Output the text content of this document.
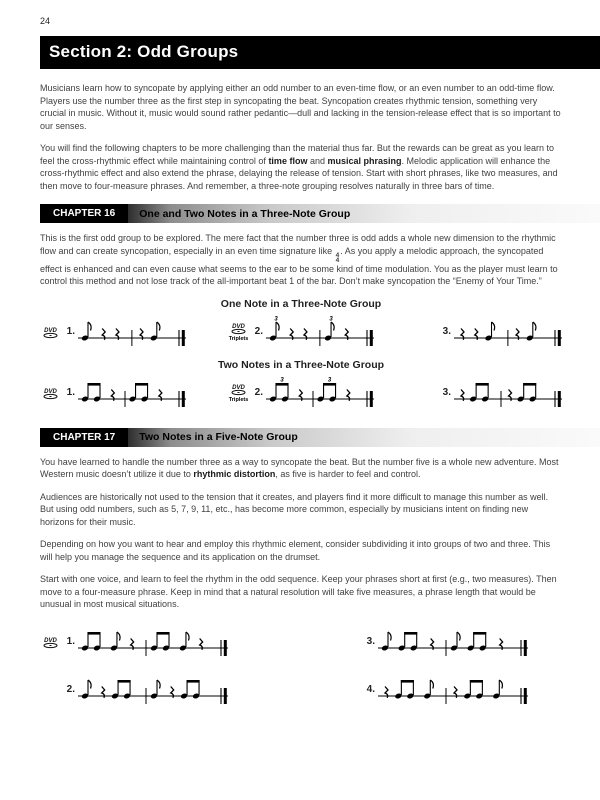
24
Section 2: Odd Groups

Musicians learn how to syncopate by applying either an odd number to an even-time flow, or an even number to an odd-time flow. Players use the number three as the first step in syncopating the beat. Syncopation creates rhythmic tension, something very crucial in music. Without it, music would sound rather pedantic—dull and lacking in the tension-release effect that is so important to our senses.

You will find the following chapters to be more challenging than the material thus far. But the rewards can be great as you learn to feel the cross-rhythmic effect while maintaining control of time flow and musical phrasing. Melodic application will enhance the cross-rhythmic effect and also extend the phrase, delaying the release of tension. Start with short phrases, like two measures, and then move to four-measure phrases. And remember, a three-note grouping resolves naturally in three bars of time.

CHAPTER 16	One and Two Notes in a Three-Note Group

This is the first odd group to be explored. The mere fact that the number three is odd adds a whole new dimension to the rhythmic flow and can create syncopation, especially in an even time signature like 4
4
. As you apply a melodic approach, the syncopated effect is enhanced and can even cause what seems to the ear to be some kind of time modulation. You as the player must learn to control this method and not lose track of the all-important beat 1 of the bar. Don’t make syncopation the “Enemy of Your Time.”

One Note in a Three-Note Group
DVD 1.	DVD
Triplets
2.
3	3
3.
Two Notes in a Three-Note Group
DVD 1.	DVD
Triplets
2.
3	3
3.
CHAPTER 17	Two Notes in a Five-Note Group

You have learned to handle the number three as a way to syncopate the beat. But the number five is a whole new adventure. Most Western music doesn’t utilize it due to rhythmic distortion, as five is harder to feel and control.

Audiences are historically not used to the tension that it creates, and players find it more difficult to manage this number as well. But using odd numbers, such as 5, 7, 9, 11, etc., has become more common, especially by musicians intent on finding new horizons for their music.

Depending on how you want to hear and employ this rhythmic element, consider subdividing it into groups of two and three. This will help you manage the sequence and its application on the drumset.

Start with one voice, and learn to feel the rhythm in the odd sequence. Keep your phrases short at first (e.g., two measures). Then move to a four-measure phrase. Keep in mind that a natural resolution will take five measures, a phrase length that would be unusual in most musical situations.

DVD 1.	3.
2.	4.
